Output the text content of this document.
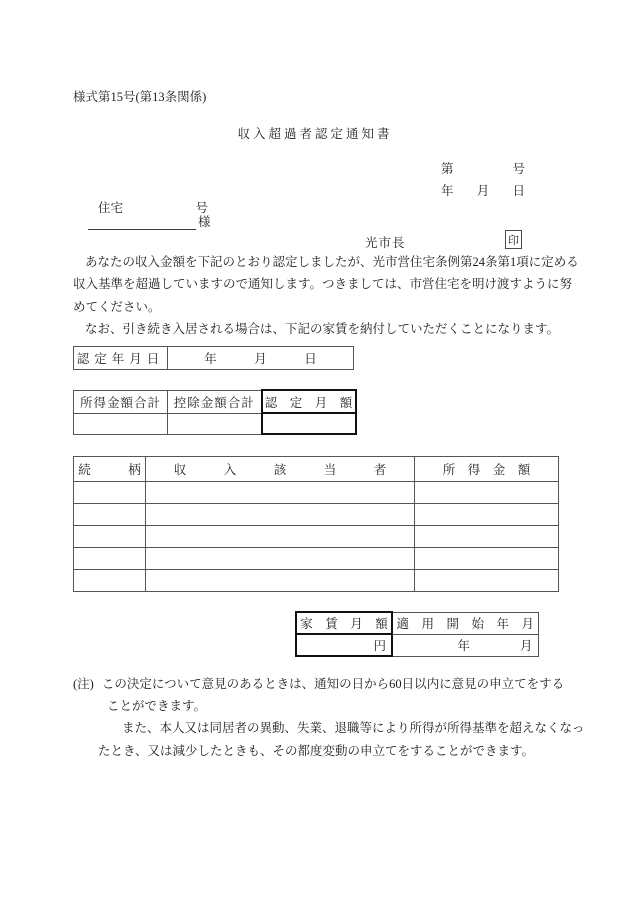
様式第15号(第13条関係)
収入超過者認定通知書
第	号
年 月 日
住宅	号
様
光市長	印
あなたの収入金額を下記のとおり認定しましたが、光市営住宅条例第24条第1項に定める
収入基準を超過していますので通知します。つきましては、市営住宅を明け渡すように努
めてください。
なお、引き続き入居される場合は、下記の家賃を納付していただくことになります。
認定年月日	年　　　月　　　日
所得金額合計	控除金額合計	認　定　月　額

続　　　柄	収　　　入　　　該　　　当　　　者	所　得　金　額

家　賃　月　額	適　用　開　始　年　月
円	年　　　　月
(注) この決定について意見のあるときは、通知の日から60日以内に意見の申立てをする
ことができます。
また、本人又は同居者の異動、失業、退職等により所得が所得基準を超えなくなっ
たとき、又は減少したときも、その都度変動の申立てをすることができます。
